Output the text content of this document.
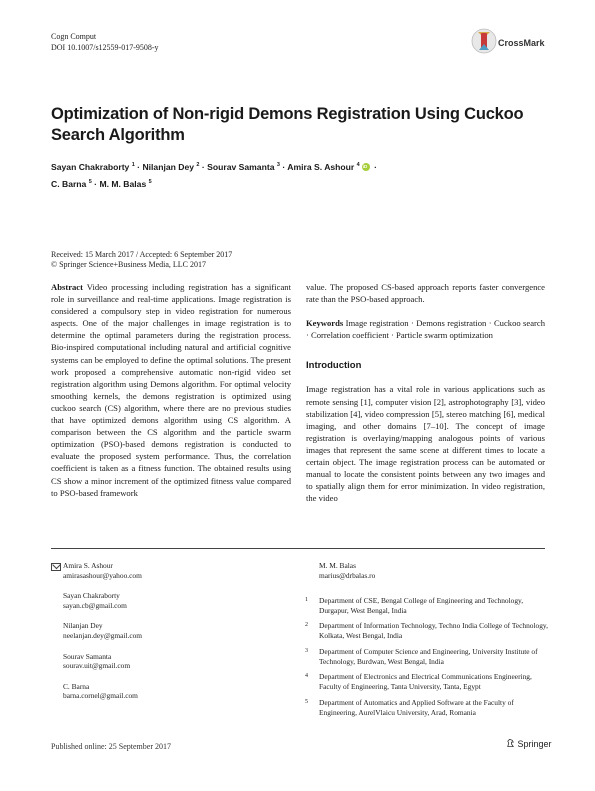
Cogn Comput
DOI 10.1007/s12559-017-9508-y	CrossMark
Optimization of Non-rigid Demons Registration Using Cuckoo Search Algorithm
Sayan Chakraborty $^1$ · Nilanjan Dey $^2$ · Sourav Samanta $^3$ · Amira S. Ashour $^4$iD ·
C. Barna $^5$ · M. M. Balas $^5$
Received: 15 March 2017 / Accepted: 6 September 2017
© Springer Science+Business Media, LLC 2017
Abstract Video processing including registration has a significant role in surveillance and real-time applications. Image registration is considered a compulsory step in video registration for numerous aspects. One of the major challenges in image registration is to determine the optimal parameters during the registration process. Bio-inspired computational including natural and artificial cognitive systems can be employed to define the optimal solutions. The present work proposed a comprehensive automatic non-rigid video set registration algorithm using Demons algorithm. For optimal velocity smoothing kernels, the demons registration is optimized using cuckoo search (CS) algorithm, where there are no previous studies that have optimized demons algorithm using CS algorithm. A comparison between the CS algorithm and the particle swarm optimization (PSO)-based demons registration is conducted to evaluate the proposed system performance. Thus, the correlation coefficient is taken as a fitness function. The obtained results using CS show a minor increment of the optimized fitness value compared to PSO-based framework
value. The proposed CS-based approach reports faster convergence rate than the PSO-based approach.
Keywords Image registration · Demons registration · Cuckoo search · Correlation coefficient · Particle swarm optimization
Introduction
Image registration has a vital role in various applications such as remote sensing [1], computer vision [2], astrophotography [3], video stabilization [4], video compression [5], stereo matching [6], medical imaging, and other domains [7–10]. The concept of image registration is overlaying/mapping analogous points of various images that represent the same scene at different times to locate a certain object. The image registration process can be automated or manual to locate the consistent points between any two images and to spatially align them for error minimization. In video registration, the video
Amira S. Ashour
amirasashour@yahoo.com
Sayan Chakraborty
sayan.cb@gmail.com
Nilanjan Dey
neelanjan.dey@gmail.com
Sourav Samanta
sourav.uit@gmail.com
C. Barna
barna.cornel@gmail.com
M. M. Balas
marius@drbalas.ro
1 Department of CSE, Bengal College of Engineering and Technology, Durgapur, West Bengal, India
2 Department of Information Technology, Techno India College of Technology, Kolkata, West Bengal, India
3 Department of Computer Science and Engineering, University Institute of Technology, Burdwan, West Bengal, India
4 Department of Electronics and Electrical Communications Engineering, Faculty of Engineering, Tanta University, Tanta, Egypt
5 Department of Automatics and Applied Software at the Faculty of Engineering, AurelVlaicu University, Arad, Romania
Published online: 25 September 2017	Springer
